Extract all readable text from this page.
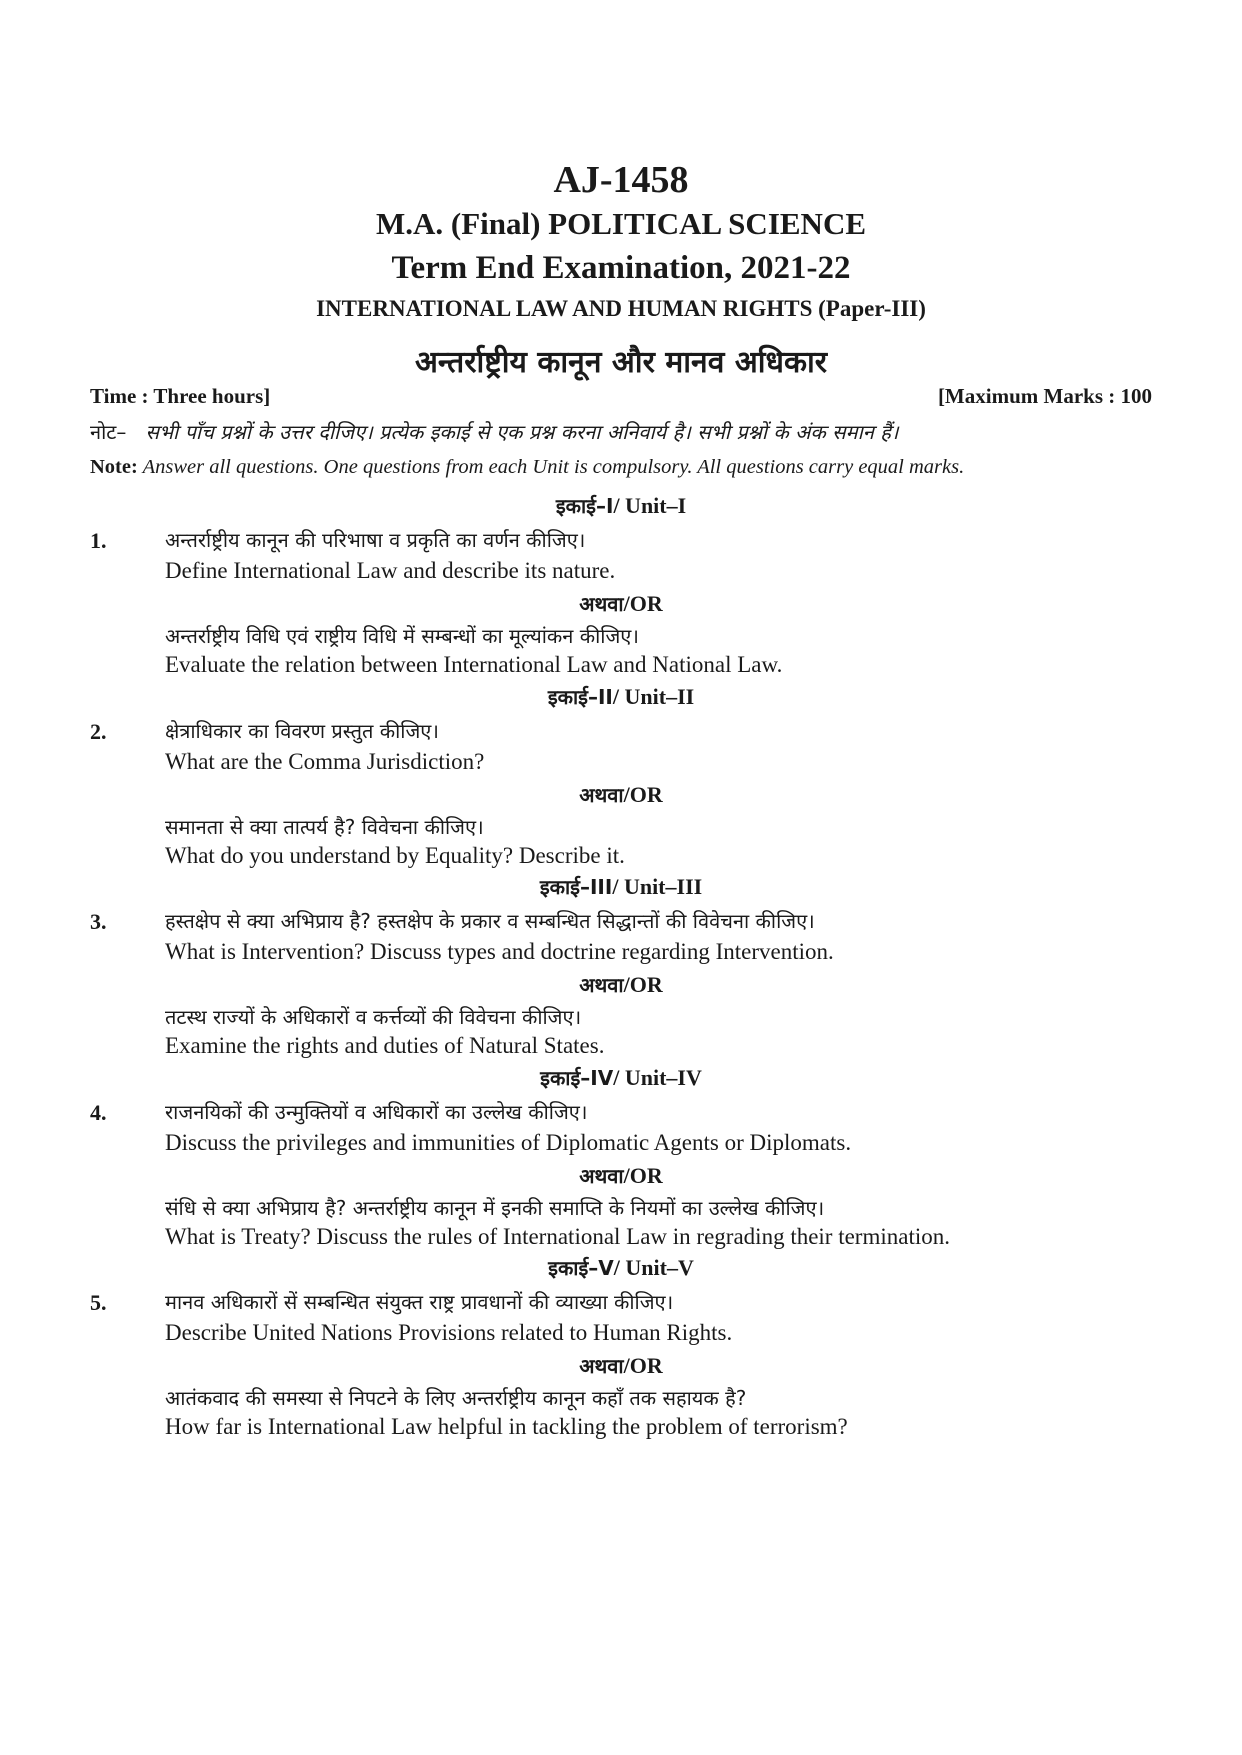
AJ-1458
M.A. (Final) POLITICAL SCIENCE
Term End Examination, 2021-22
INTERNATIONAL LAW AND HUMAN RIGHTS (Paper-III)
अन्तर्राष्ट्रीय कानून और मानव अधिकार
Time : Three hours]	[Maximum Marks : 100
नोट– सभी पाँच प्रश्नों के उत्तर दीजिए। प्रत्येक इकाई से एक प्रश्न करना अनिवार्य है। सभी प्रश्नों के अंक समान हैं।
Note: Answer all questions. One questions from each Unit is compulsory. All questions carry equal marks.
इकाई–I/ Unit–I
1.	अन्तर्राष्ट्रीय कानून की परिभाषा व प्रकृति का वर्णन कीजिए।
Define International Law and describe its nature.
अथवा/OR
अन्तर्राष्ट्रीय विधि एवं राष्ट्रीय विधि में सम्बन्धों का मूल्यांकन कीजिए।
Evaluate the relation between International Law and National Law.
इकाई–II/ Unit–II
2.	क्षेत्राधिकार का विवरण प्रस्तुत कीजिए।
What are the Comma Jurisdiction?
अथवा/OR
समानता से क्या तात्पर्य है? विवेचना कीजिए।
What do you understand by Equality? Describe it.
इकाई–III/ Unit–III
3.	हस्तक्षेप से क्या अभिप्राय है? हस्तक्षेप के प्रकार व सम्बन्धित सिद्धान्तों की विवेचना कीजिए।
What is Intervention? Discuss types and doctrine regarding Intervention.
अथवा/OR
तटस्थ राज्यों के अधिकारों व कर्त्तव्यों की विवेचना कीजिए।
Examine the rights and duties of Natural States.
इकाई–IV/ Unit–IV
4.	राजनयिकों की उन्मुक्तियों व अधिकारों का उल्लेख कीजिए।
Discuss the privileges and immunities of Diplomatic Agents or Diplomats.
अथवा/OR
संधि से क्या अभिप्राय है? अन्तर्राष्ट्रीय कानून में इनकी समाप्ति के नियमों का उल्लेख कीजिए।
What is Treaty? Discuss the rules of International Law in regrading their termination.
इकाई–V/ Unit–V
5.	मानव अधिकारों सें सम्बन्धित संयुक्त राष्ट्र प्रावधानों की व्याख्या कीजिए।
Describe United Nations Provisions related to Human Rights.
अथवा/OR
आतंकवाद की समस्या से निपटने के लिए अन्तर्राष्ट्रीय कानून कहाँ तक सहायक है?
How far is International Law helpful in tackling the problem of terrorism?
